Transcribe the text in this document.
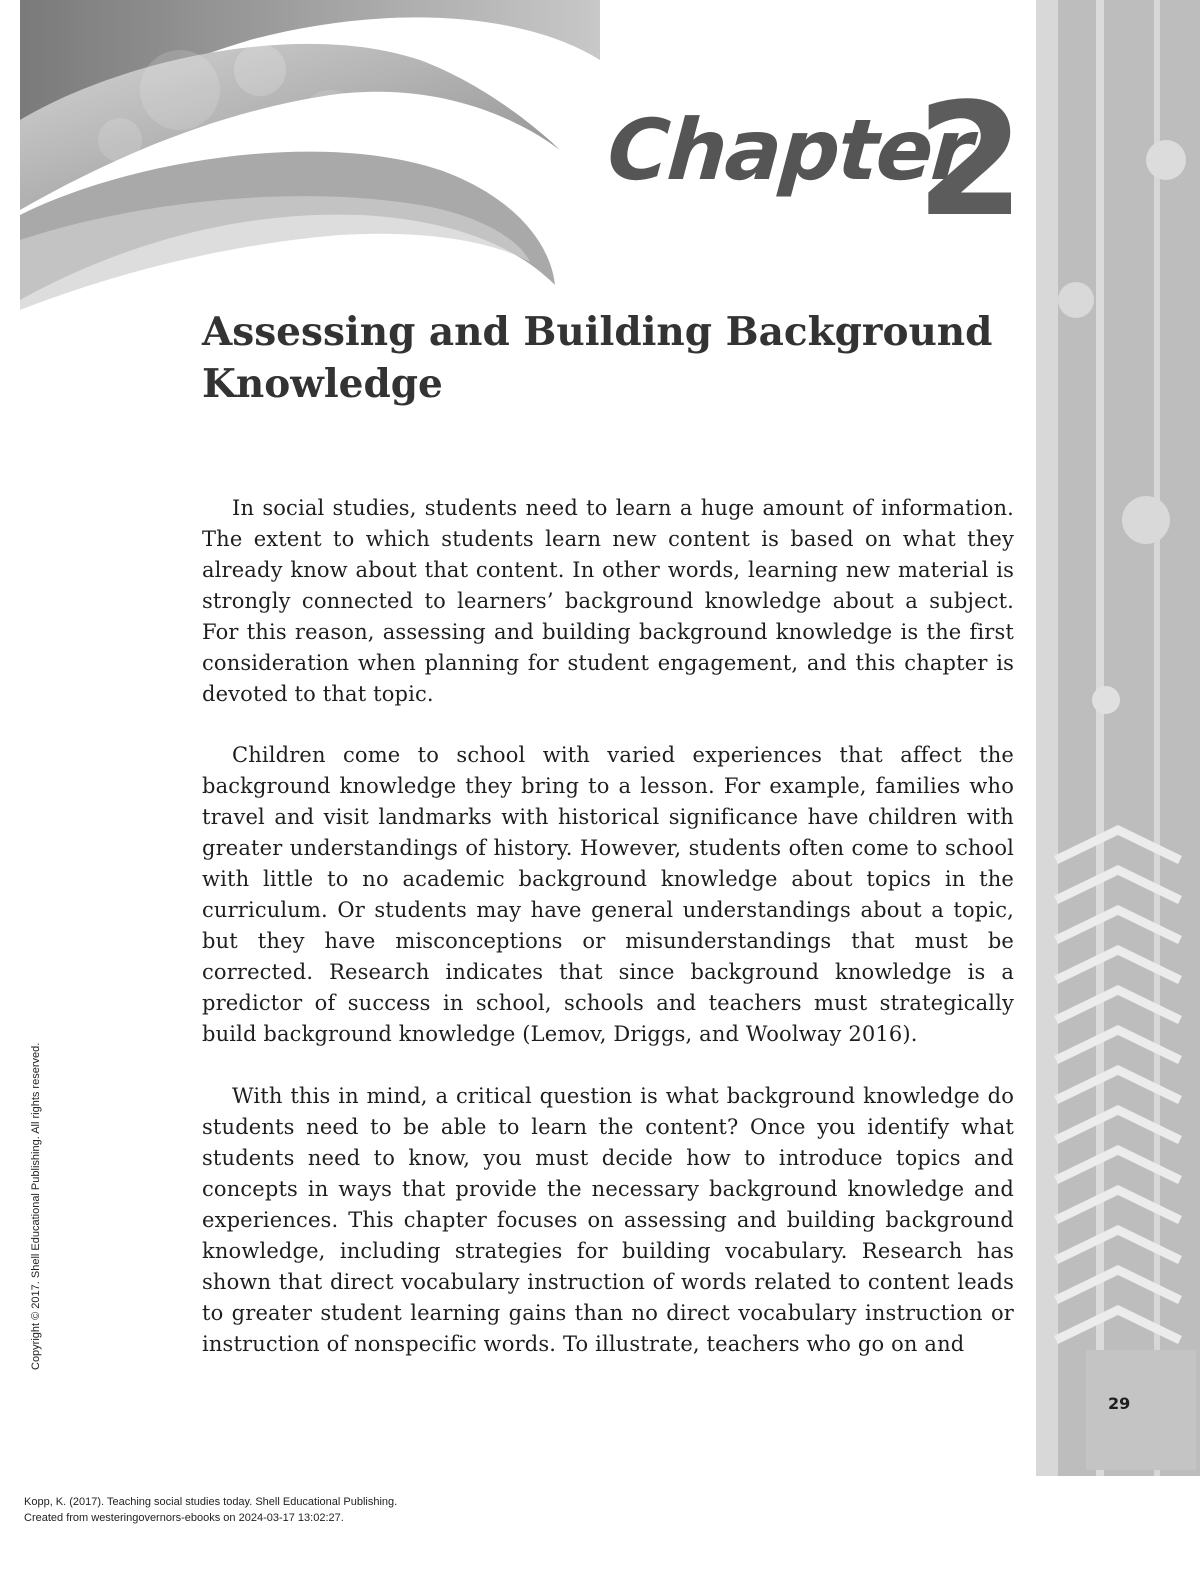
Chapter
2
Assessing and Building Background Knowledge

In social studies, students need to learn a huge amount of information. The extent to which students learn new content is based on what they already know about that content. In other words, learning new material is strongly connected to learners’ background knowledge about a subject. For this reason, assessing and building background knowledge is the first consideration when planning for student engagement, and this chapter is devoted to that topic.

Children come to school with varied experiences that affect the background knowledge they bring to a lesson. For example, families who travel and visit landmarks with historical significance have children with greater understandings of history. However, students often come to school with little to no academic background knowledge about topics in the curriculum. Or students may have general understandings about a topic, but they have misconceptions or misunderstandings that must be corrected. Research indicates that since background knowledge is a predictor of success in school, schools and teachers must strategically build background knowledge (Lemov, Driggs, and Woolway 2016).

With this in mind, a critical question is what background knowledge do students need to be able to learn the content? Once you identify what students need to know, you must decide how to introduce topics and concepts in ways that provide the necessary background knowledge and experiences. This chapter focuses on assessing and building background knowledge, including strategies for building vocabulary. Research has shown that direct vocabulary instruction of words related to content leads to greater student learning gains than no direct vocabulary instruction or instruction of nonspecific words. To illustrate, teachers who go on and

29
Copyright © 2017. Shell Educational Publishing. All rights reserved.
Kopp, K. (2017). Teaching social studies today. Shell Educational Publishing.
Created from westeringovernors-ebooks on 2024-03-17 13:02:27.
